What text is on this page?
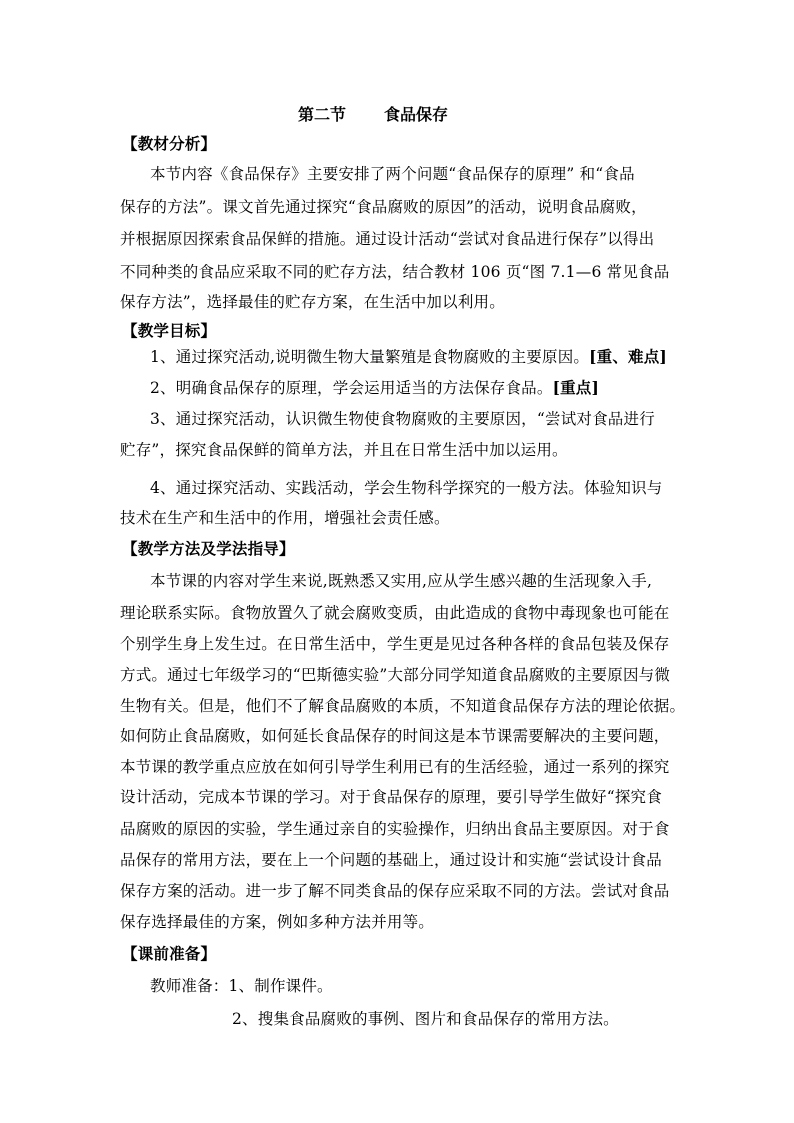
第二节 食品保存
【教材分析】
本节内容《食品保存》主要安排了两个问题“食品保存的原理” 和“食品
保存的方法”。课文首先通过探究“食品腐败的原因”的活动，说明食品腐败，
并根据原因探索食品保鲜的措施。通过设计活动“尝试对食品进行保存”以得出
不同种类的食品应采取不同的贮存方法，结合教材 106 页“图 7.1—6 常见食品
保存方法”，选择最佳的贮存方案，在生活中加以利用。
【教学目标】
1、通过探究活动,说明微生物大量繁殖是食物腐败的主要原因。[重、难点]
2、明确食品保存的原理，学会运用适当的方法保存食品。[重点]
3、通过探究活动，认识微生物使食物腐败的主要原因，“尝试对食品进行
贮存”，探究食品保鲜的简单方法，并且在日常生活中加以运用。
4、通过探究活动、实践活动，学会生物科学探究的一般方法。体验知识与
技术在生产和生活中的作用，增强社会责任感。
【教学方法及学法指导】
本节课的内容对学生来说,既熟悉又实用,应从学生感兴趣的生活现象入手,
理论联系实际。食物放置久了就会腐败变质，由此造成的食物中毒现象也可能在
个别学生身上发生过。在日常生活中，学生更是见过各种各样的食品包装及保存
方式。通过七年级学习的“巴斯德实验”大部分同学知道食品腐败的主要原因与微
生物有关。但是，他们不了解食品腐败的本质，不知道食品保存方法的理论依据。
如何防止食品腐败，如何延长食品保存的时间这是本节课需要解决的主要问题，
本节课的教学重点应放在如何引导学生利用已有的生活经验，通过一系列的探究
设计活动，完成本节课的学习。对于食品保存的原理，要引导学生做好“探究食
品腐败的原因的实验，学生通过亲自的实验操作，归纳出食品主要原因。对于食
品保存的常用方法，要在上一个问题的基础上，通过设计和实施“尝试设计食品
保存方案的活动。进一步了解不同类食品的保存应采取不同的方法。尝试对食品
保存选择最佳的方案，例如多种方法并用等。
【课前准备】
教师准备：1、制作课件。
2、搜集食品腐败的事例、图片和食品保存的常用方法。
